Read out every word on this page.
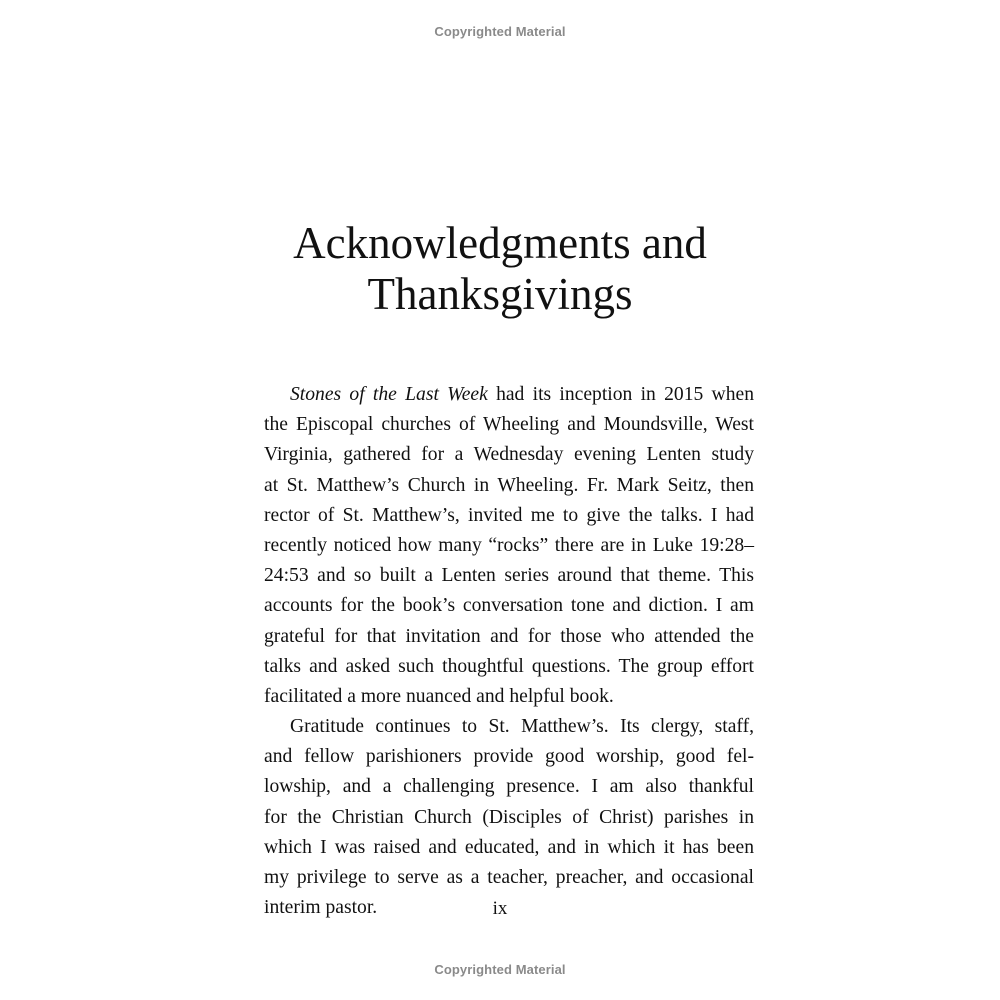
Copyrighted Material
Acknowledgments and
Thanksgivings
Stones of the Last Week had its inception in 2015 when
the Episcopal churches of Wheeling and Moundsville, West
Virginia, gathered for a Wednesday evening Lenten study
at St. Matthew’s Church in Wheeling. Fr. Mark Seitz, then
rector of St. Matthew’s, invited me to give the talks. I had
recently noticed how many “rocks” there are in Luke 19:28–
24:53 and so built a Lenten series around that theme. This
accounts for the book’s conversation tone and diction. I am
grateful for that invitation and for those who attended the
talks and asked such thoughtful questions. The group effort
facilitated a more nuanced and helpful book.
Gratitude continues to St. Matthew’s. Its clergy, staff,
and fellow parishioners provide good worship, good fel-
lowship, and a challenging presence. I am also thankful
for the Christian Church (Disciples of Christ) parishes in
which I was raised and educated, and in which it has been
my privilege to serve as a teacher, preacher, and occasional
interim pastor.	ix
Copyrighted Material
